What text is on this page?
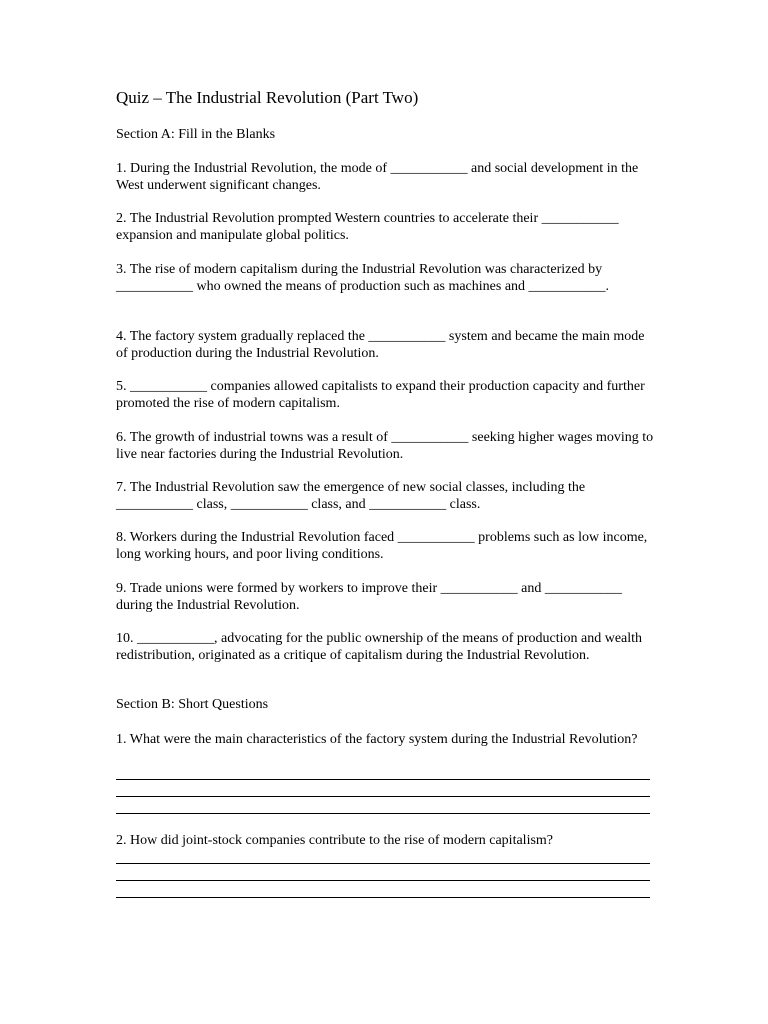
Quiz – The Industrial Revolution (Part Two)
Section A: Fill in the Blanks
1. During the Industrial Revolution, the mode of ___________ and social development in the West underwent significant changes.
2. The Industrial Revolution prompted Western countries to accelerate their ___________ expansion and manipulate global politics.
3. The rise of modern capitalism during the Industrial Revolution was characterized by ___________ who owned the means of production such as machines and ___________.
4. The factory system gradually replaced the ___________ system and became the main mode of production during the Industrial Revolution.
5. ___________ companies allowed capitalists to expand their production capacity and further promoted the rise of modern capitalism.
6. The growth of industrial towns was a result of ___________ seeking higher wages moving to live near factories during the Industrial Revolution.
7. The Industrial Revolution saw the emergence of new social classes, including the ___________ class, ___________ class, and ___________ class.
8. Workers during the Industrial Revolution faced ___________ problems such as low income, long working hours, and poor living conditions.
9. Trade unions were formed by workers to improve their ___________ and ___________ during the Industrial Revolution.
10. ___________, advocating for the public ownership of the means of production and wealth redistribution, originated as a critique of capitalism during the Industrial Revolution.
Section B: Short Questions
1. What were the main characteristics of the factory system during the Industrial Revolution?
2. How did joint-stock companies contribute to the rise of modern capitalism?
